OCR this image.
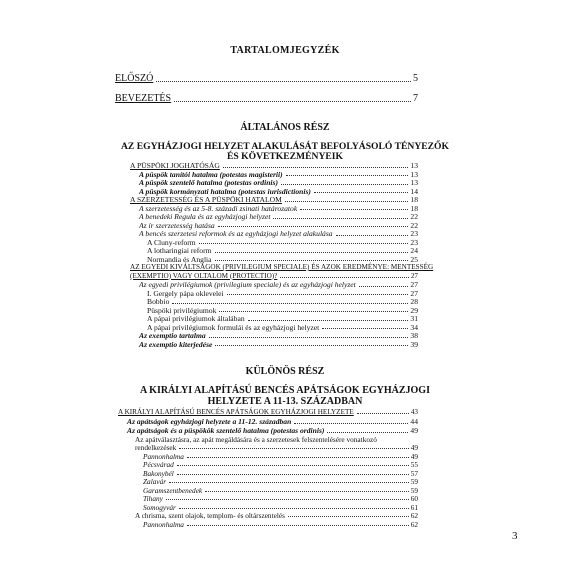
TARTALOMJEGYZÉK
ELŐSZÓ	5
BEVEZETÉS	7
ÁLTALÁNOS RÉSZ
AZ EGYHÁZJOGI HELYZET ALAKULÁSÁT BEFOLYÁSOLÓ TÉNYEZŐK
ÉS KÖVETKEZMÉNYEIK
A PÜSPÖKI JOGHATÓSÁG	13
A püspök tanítói hatalma (potestas magisterii)	13
A püspök szentelő hatalma (potestas ordinis)	13
A püspök kormányzati hatalma (potestas iurisdictionis)	14
A SZERZETESSÉG ÉS A PÜSPÖKI HATALOM	18
A szerzetesség és az 5-8. századi zsinati határozatok	18
A benedeki Regula és az egyházjogi helyzet	22
Az ír szerzetesség hatása	22
A bencés szerzetesi reformok és az egyházjogi helyzet alakulása	23
A Cluny-reform	23
A lotharingiai reform	24
Normandia és Anglia	25
AZ EGYEDI KIVÁLTSÁGOK (PRIVILEGIUM SPECIALE) ÉS AZOK EREDMÉNYE: MENTESSÉG
(EXEMPTIO) VAGY OLTALOM (PROTECTIO)?	27
Az egyedi privilégiumok (privilegium speciale) és az egyházjogi helyzet	27
I. Gergely pápa oklevelei	27
Bobbio	28
Püspöki privilégiumok	29
A pápai privilégiumok általában	31
A pápai privilégiumok formulái és az egyházjogi helyzet	34
Az exemptio tartalma	38
Az exemptio kiterjedése	39
KÜLÖNÖS RÉSZ
A KIRÁLYI ALAPÍTÁSÚ BENCÉS APÁTSÁGOK EGYHÁZJOGI
HELYZETE A 11-13. SZÁZADBAN
A KIRÁLYI ALAPÍTÁSÚ BENCÉS APÁTSÁGOK EGYHÁZJOGI HELYZETE	43
Az apátságok egyházjogi helyzete a 11-12. században	44
Az apátságok és a püspökök szentelő hatalma (potestas ordinis)	49
Az apátválasztásra, az apát megáldására és a szerzetesek felszentelésére vonatkozó
rendelkezések	49
Pannonhalma	49
Pécsvárad	55
Bakonybél	57
Zalavár	59
Garamszentbenedek	59
Tihany	60
Somogyvár	61
A chrisma, szent olajok, templom- és oltárszentelés	62
Pannonhalma	62
3
